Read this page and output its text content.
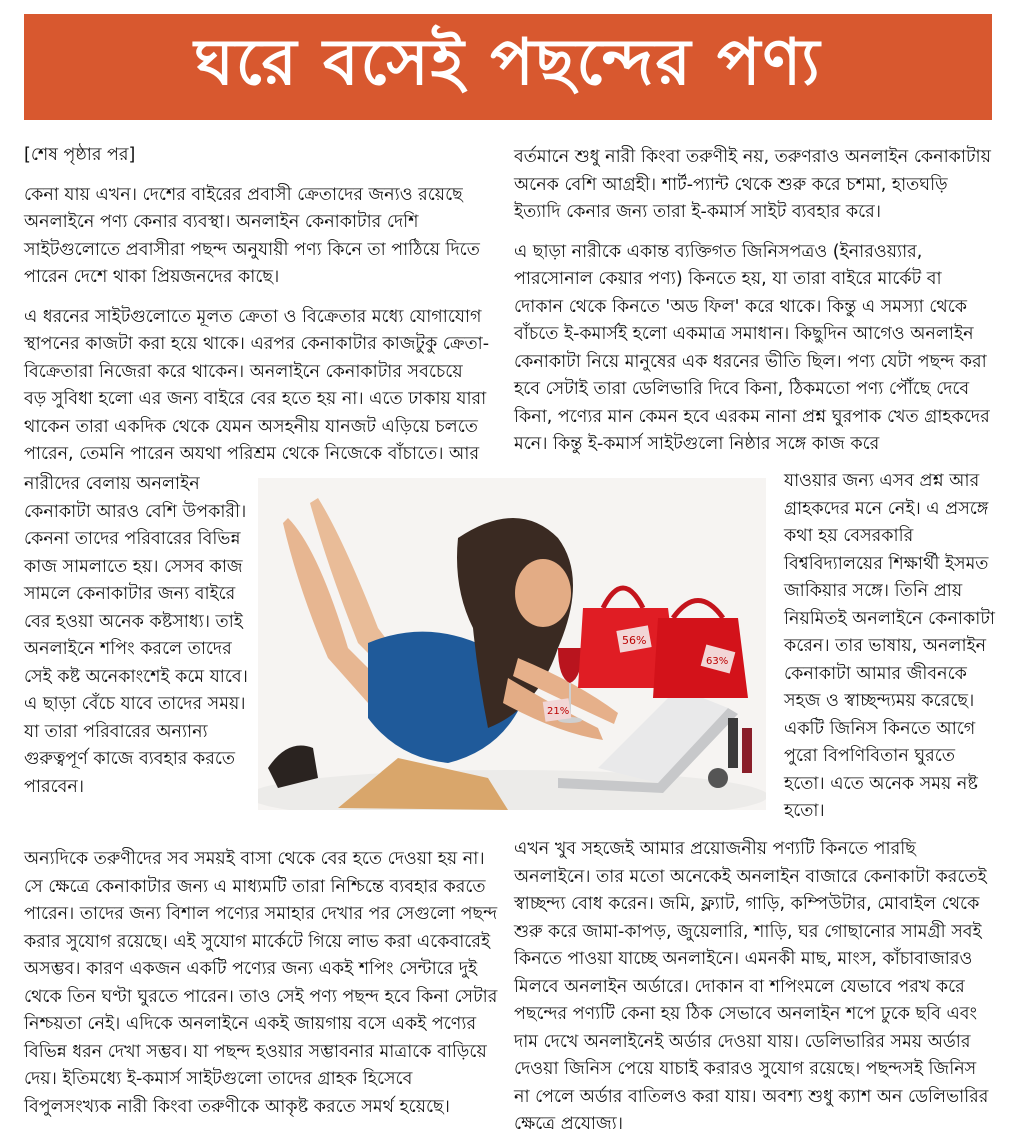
ঘরে বসেই পছন্দের পণ্য

[শেষ পৃষ্ঠার পর]

কেনা যায় এখন। দেশের বাইরের প্রবাসী ক্রেতাদের জন্যও রয়েছে অনলাইনে পণ্য কেনার ব্যবস্থা। অনলাইন কেনাকাটার দেশি সাইটগুলোতে প্রবাসীরা পছন্দ অনুযায়ী পণ্য কিনে তা পাঠিয়ে দিতে পারেন দেশে থাকা প্রিয়জনদের কাছে।

এ ধরনের সাইটগুলোতে মূলত ক্রেতা ও বিক্রেতার মধ্যে যোগাযোগ স্থাপনের কাজটা করা হয়ে থাকে। এরপর কেনাকাটার কাজটুকু ক্রেতা-বিক্রেতারা নিজেরা করে থাকেন। অনলাইনে কেনাকাটার সবচেয়ে বড় সুবিধা হলো এর জন্য বাইরে বের হতে হয় না। এতে ঢাকায় যারা থাকেন তারা একদিক থেকে যেমন অসহনীয় যানজট এড়িয়ে চলতে পারেন, তেমনি পারেন অযথা পরিশ্রম থেকে নিজেকে বাঁচাতে। আর

নারীদের বেলায় অনলাইন কেনাকাটা আরও বেশি উপকারী। কেননা তাদের পরিবারের বিভিন্ন কাজ সামলাতে হয়। সেসব কাজ সামলে কেনাকাটার জন্য বাইরে বের হওয়া অনেক কষ্টসাধ্য। তাই অনলাইনে শপিং করলে তাদের সেই কষ্ট অনেকাংশেই কমে যাবে। এ ছাড়া বেঁচে যাবে তাদের সময়। যা তারা পরিবারের অন্যান্য গুরুত্বপূর্ণ কাজে ব্যবহার করতে পারবেন।

অন্যদিকে তরুণীদের সব সময়ই বাসা থেকে বের হতে দেওয়া হয় না। সে ক্ষেত্রে কেনাকাটার জন্য এ মাধ্যমটি তারা নিশ্চিন্তে ব্যবহার করতে পারেন। তাদের জন্য বিশাল পণ্যের সমাহার দেখার পর সেগুলো পছন্দ করার সুযোগ রয়েছে। এই সুযোগ মার্কেটে গিয়ে লাভ করা একেবারেই অসম্ভব। কারণ একজন একটি পণ্যের জন্য একই শপিং সেন্টারে দুই থেকে তিন ঘণ্টা ঘুরতে পারেন। তাও সেই পণ্য পছন্দ হবে কিনা সেটার নিশ্চয়তা নেই। এদিকে অনলাইনে একই জায়গায় বসে একই পণ্যের বিভিন্ন ধরন দেখা সম্ভব। যা পছন্দ হওয়ার সম্ভাবনার মাত্রাকে বাড়িয়ে দেয়। ইতিমধ্যে ই-কমার্স সাইটগুলো তাদের গ্রাহক হিসেবে বিপুলসংখ্যক নারী কিংবা তরুণীকে আকৃষ্ট করতে সমর্থ হয়েছে।

বর্তমানে শুধু নারী কিংবা তরুণীই নয়, তরুণরাও অনলাইন কেনাকাটায় অনেক বেশি আগ্রহী। শার্ট-প্যান্ট থেকে শুরু করে চশমা, হাতঘড়ি ইত্যাদি কেনার জন্য তারা ই-কমার্স সাইট ব্যবহার করে।

এ ছাড়া নারীকে একান্ত ব্যক্তিগত জিনিসপত্রও (ইনারওয়্যার, পারসোনাল কেয়ার পণ্য) কিনতে হয়, যা তারা বাইরে মার্কেট বা দোকান থেকে কিনতে 'অড ফিল' করে থাকে। কিন্তু এ সমস্যা থেকে বাঁচতে ই-কমার্সই হলো একমাত্র সমাধান। কিছুদিন আগেও অনলাইন কেনাকাটা নিয়ে মানুষের এক ধরনের ভীতি ছিল। পণ্য যেটা পছন্দ করা হবে সেটাই তারা ডেলিভারি দিবে কিনা, ঠিকমতো পণ্য পৌঁছে দেবে কিনা, পণ্যের মান কেমন হবে এরকম নানা প্রশ্ন ঘুরপাক খেত গ্রাহকদের মনে। কিন্তু ই-কমার্স সাইটগুলো নিষ্ঠার সঙ্গে কাজ করে

যাওয়ার জন্য এসব প্রশ্ন আর গ্রাহকদের মনে নেই। এ প্রসঙ্গে কথা হয় বেসরকারি বিশ্ববিদ্যালয়ের শিক্ষার্থী ইসমত জাকিয়ার সঙ্গে। তিনি প্রায় নিয়মিতই অনলাইনে কেনাকাটা করেন। তার ভাষায়, অনলাইন কেনাকাটা আমার জীবনকে সহজ ও স্বাচ্ছন্দ্যময় করেছে। একটি জিনিস কিনতে আগে পুরো বিপণিবিতান ঘুরতে হতো। এতে অনেক সময় নষ্ট হতো।

এখন খুব সহজেই আমার প্রয়োজনীয় পণ্যটি কিনতে পারছি অনলাইনে। তার মতো অনেকেই অনলাইন বাজারে কেনাকাটা করতেই স্বাচ্ছন্দ্য বোধ করেন। জমি, ফ্ল্যাট, গাড়ি, কম্পিউটার, মোবাইল থেকে শুরু করে জামা-কাপড়, জুয়েলারি, শাড়ি, ঘর গোছানোর সামগ্রী সবই কিনতে পাওয়া যাচ্ছে অনলাইনে। এমনকী মাছ, মাংস, কাঁচাবাজারও মিলবে অনলাইন অর্ডারে। দোকান বা শপিংমলে যেভাবে পরখ করে পছন্দের পণ্যটি কেনা হয় ঠিক সেভাবে অনলাইন শপে ঢুকে ছবি এবং দাম দেখে অনলাইনেই অর্ডার দেওয়া যায়। ডেলিভারির সময় অর্ডার দেওয়া জিনিস পেয়ে যাচাই করারও সুযোগ রয়েছে। পছন্দসই জিনিস না পেলে অর্ডার বাতিলও করা যায়। অবশ্য শুধু ক্যাশ অন ডেলিভারির ক্ষেত্রে প্রযোজ্য।

56%
21%
63%
